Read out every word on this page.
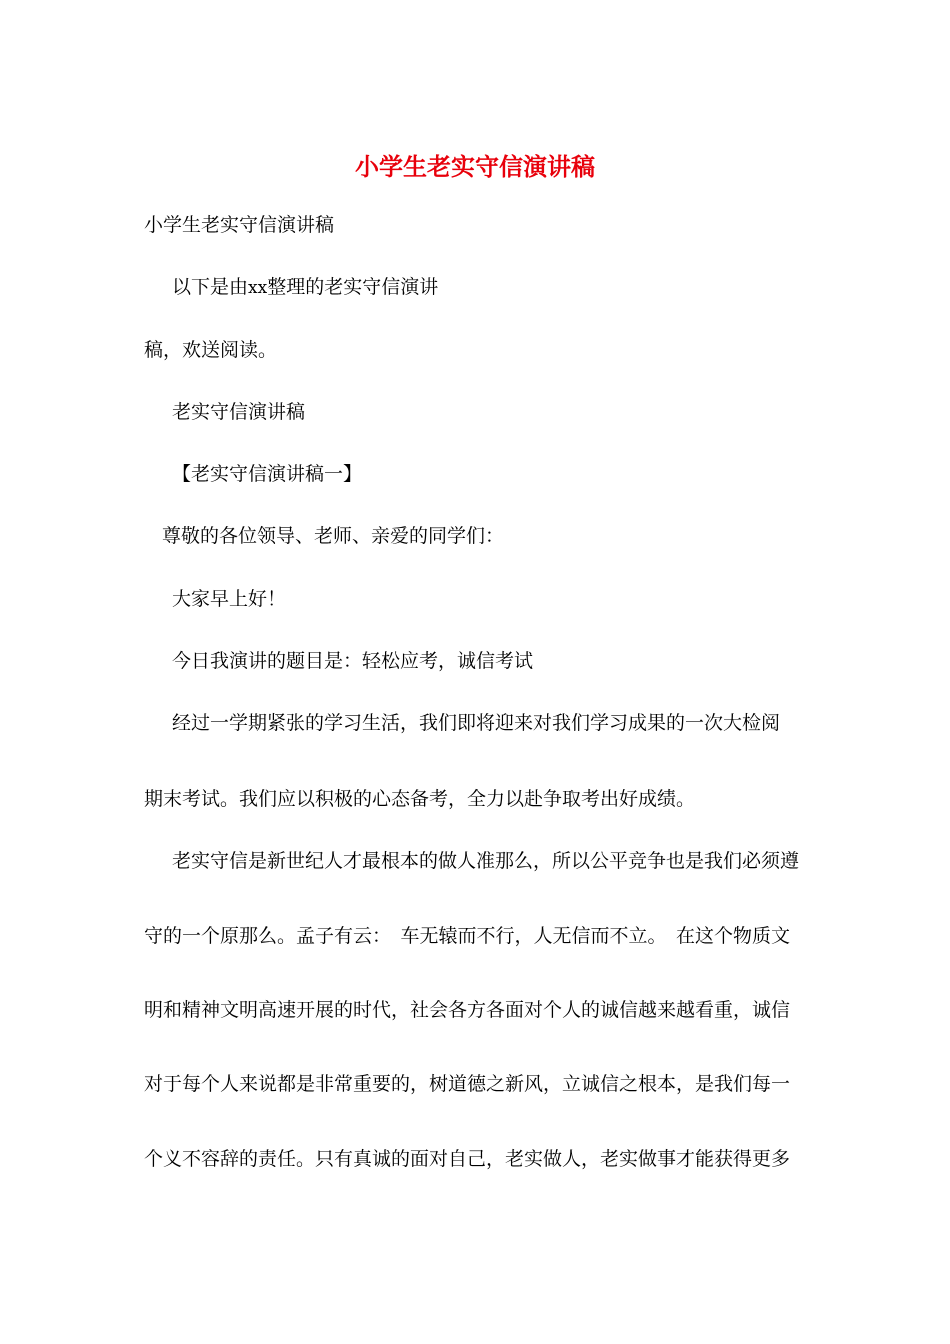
小学生老实守信演讲稿
小学生老实守信演讲稿
以下是由xx整理的老实守信演讲
稿，欢送阅读。
老实守信演讲稿
【老实守信演讲稿一】
尊敬的各位领导、老师、亲爱的同学们：
大家早上好！
今日我演讲的题目是：轻松应考，诚信考试
经过一学期紧张的学习生活，我们即将迎来对我们学习成果的一次大检阅
期末考试。我们应以积极的心态备考，全力以赴争取考出好成绩。
老实守信是新世纪人才最根本的做人准那么，所以公平竞争也是我们必须遵
守的一个原那么。孟子有云：　车无辕而不行，人无信而不立。　在这个物质文
明和精神文明高速开展的时代，社会各方各面对个人的诚信越来越看重，诚信
对于每个人来说都是非常重要的，树道德之新风，立诚信之根本，是我们每一
个义不容辞的责任。只有真诚的面对自己，老实做人，老实做事才能获得更多
